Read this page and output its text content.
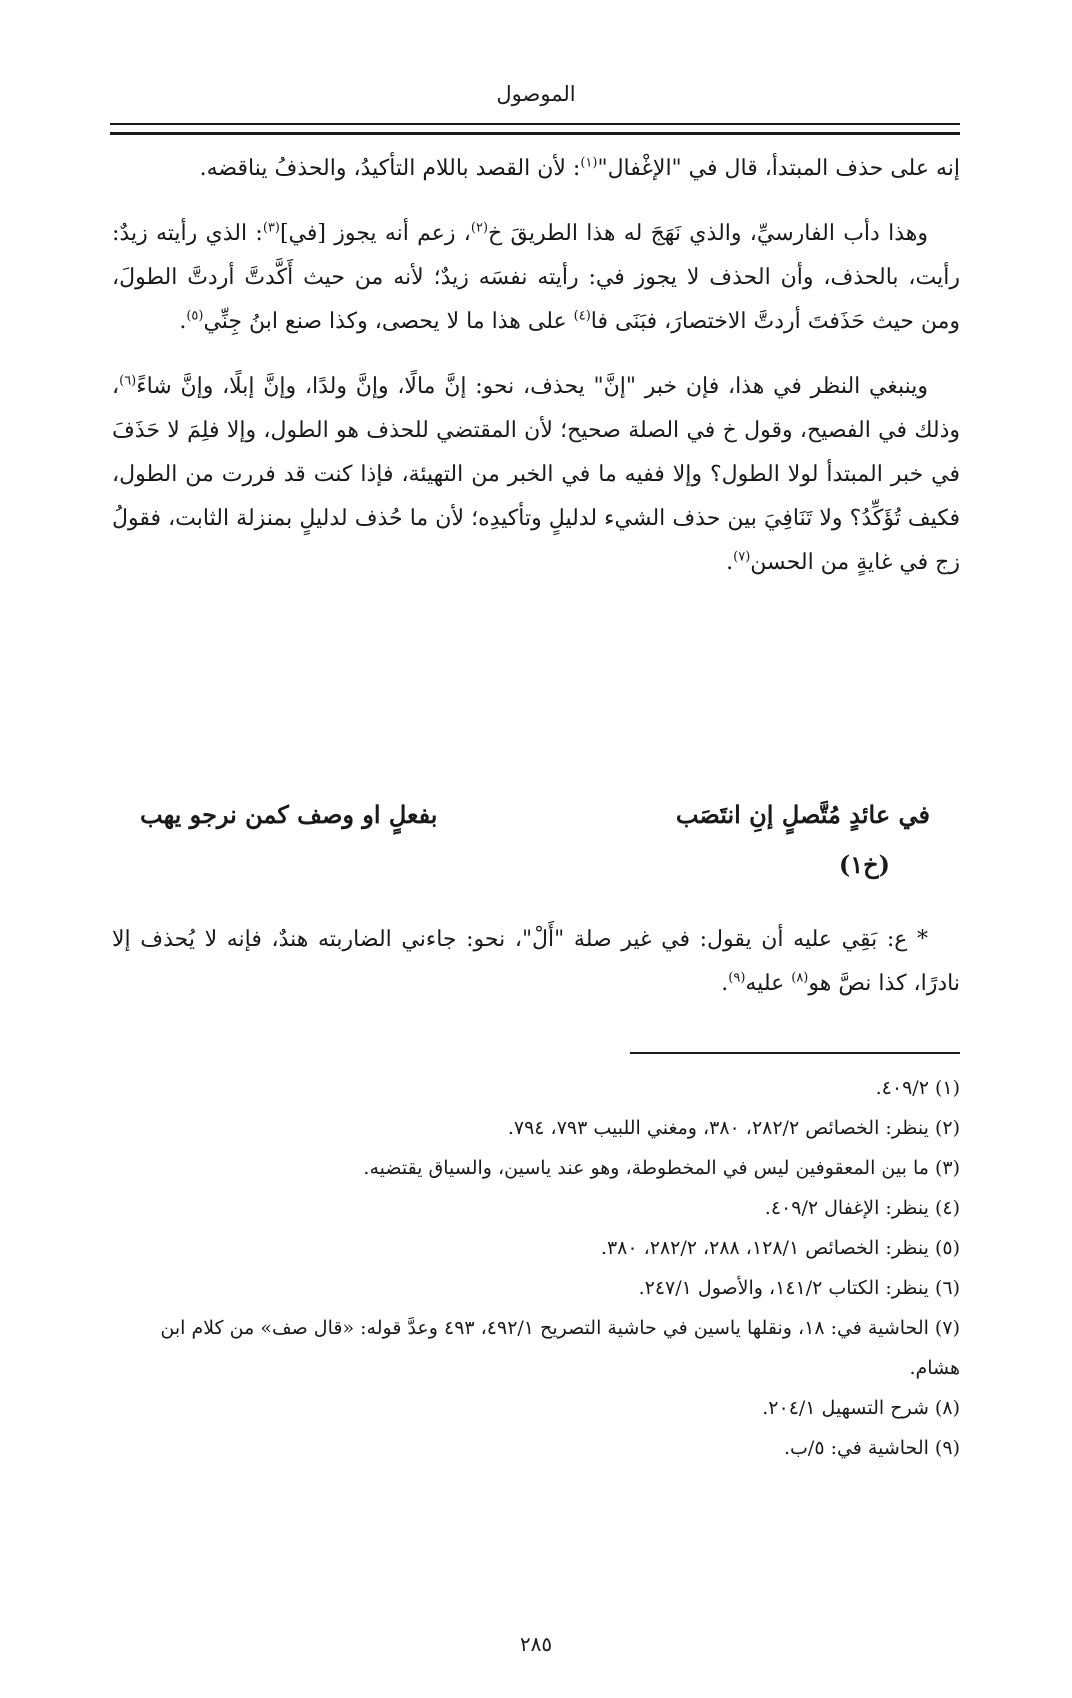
الموصول

إنه على حذف المبتدأ، قال في "الإغْفال"$^{(١)}$: لأن القصد باللام التأكيدُ، والحذفُ يناقضه.

وهذا دأب الفارسيِّ، والذي نَهَجَ له هذا الطريقَ خ$^{(٢)}$، زعم أنه يجوز [في]$^{(٣)}$: الذي رأيته زيدٌ: رأيت، بالحذف، وأن الحذف لا يجوز في: رأيته نفسَه زيدٌ؛ لأنه من حيث أَكَّدتَّ أردتَّ الطولَ، ومن حيث حَذَفتَ أردتَّ الاختصارَ، فبَنَى فا$^{(٤)}$ على هذا ما لا يحصى، وكذا صنع ابنُ جِنِّي$^{(٥)}$.

وينبغي النظر في هذا، فإن خبر "إنَّ" يحذف، نحو: إنَّ مالًا، وإنَّ ولدًا، وإنَّ إبلًا، وإنَّ شاءً$^{(٦)}$، وذلك في الفصيح، وقول خ في الصلة صحيح؛ لأن المقتضي للحذف هو الطول، وإلا فلِمَ لا حَذَفَ في خبر المبتدأ لولا الطول؟ وإلا ففيه ما في الخبر من التهيئة، فإذا كنت قد فررت من الطول، فكيف تُؤَكِّدُ؟ ولا تَنَافِيَ بين حذف الشيء لدليلٍ وتأكيدِه؛ لأن ما حُذف لدليلٍ بمنزلة الثابت، فقولُ زج في غايةٍ من الحسن$^{(٧)}$.

في عائدٍ مُتَّصلٍ إنِ انتَصَب
بفعلٍ او وصف كمن نرجو يهب
(خ١)

* ع: بَقِي عليه أن يقول: في غير صلة "أَلْ"، نحو: جاءني الضاربته هندٌ، فإنه لا يُحذف إلا نادرًا، كذا نصَّ هو$^{(٨)}$ عليه$^{(٩)}$.

(١) ٤٠٩/٢.
(٢) ينظر: الخصائص ٢٨٢/٢، ٣٨٠، ومغني اللبيب ٧٩٣، ٧٩٤.
(٣) ما بين المعقوفين ليس في المخطوطة، وهو عند ياسين، والسياق يقتضيه.
(٤) ينظر: الإغفال ٤٠٩/٢.
(٥) ينظر: الخصائص ١٢٨/١، ٢٨٨، ٢٨٢/٢، ٣٨٠.
(٦) ينظر: الكتاب ١٤١/٢، والأصول ٢٤٧/١.
(٧) الحاشية في: ١٨، ونقلها ياسين في حاشية التصريح ٤٩٢/١، ٤٩٣ وعدَّ قوله: «قال صف» من كلام ابن هشام.
(٨) شرح التسهيل ٢٠٤/١.
(٩) الحاشية في: ٥/ب.
٢٨٥
